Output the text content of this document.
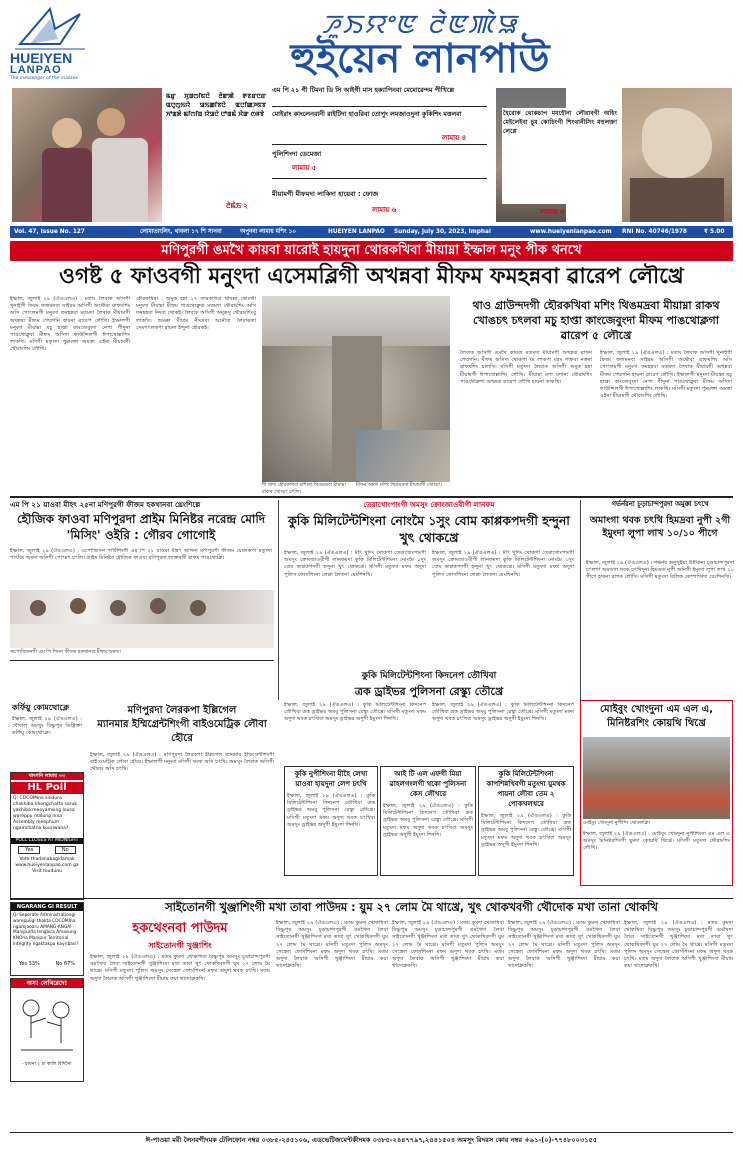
HUEIYEN
LANPAO
The messenger of the masses
ꯍꯨꯏꯌꯦꯟ ꯂꯥꯟꯄꯥꯎ
হুইয়েন লানপাউ
ꯃꯔꯨ ꯆꯨꯡꯁꯤꯟꯅꯥ ꯂꯥꯛꯄꯥ ꯒꯕꯔꯅꯔ ꯑꯅꯨꯁꯨꯏꯌꯥ ꯎꯏꯀꯤꯕꯅꯥ ꯑꯅꯤꯀꯍꯟꯕ ꯈꯣꯡꯗꯥ ꯃꯤꯁꯤꯡ ꯌꯥꯎꯅꯥ ꯅꯣꯡꯃꯥ ꯆꯥꯛ ꯁꯝꯕꯥ
ꯂꯥꯃꯥꯏ ২
এম পি ২১ গী টিমনা ডি সি আইগী মাস হক্যাপিনবা মেমোরেন্দম পীখিল্লে
মোইরাং কাংলেনবানী রাইটিদা হাওরিবা তোপুং লমজাওদুনা কুকিশিং মত্তলবা
লামায় ৪
পুলিশিংদা ডেমেজা
লামায় ৫
মীয়ামগী মীফমদা লাকিদা হায়েবা : ফোজ
লামায় ৬
হৈরোক থোকচাপ মমহৌনা লৌরাবগী অহিং মেইলেইবা চুম কোচিংগী শিংথানীসিং মহুলক্তা লেপ্লে
লামায় ৩
Vol. 47, Issue No. 127	লোমাতাংলিং, থাবলা ১৭ শি সানবা	অপুনবা লামায় মশিং ১০	HUEIYEN LANPAO Sunday, July 30, 2023, Imphal	www.hueiyenlanpao.com RNI No. 40746/1978	₹ 5.00
মণিপুরগী ঙমখৈ কায়বা য়ারোই হায়দুনা থোরকখিবা মীয়াম্না ইম্ফাল মনুং পীক থনখে
ওগষ্ট ৫ ফাওবগী মনুংদা এসেমব্লিগী অখন্নবা মীফম ফমহন্নবা ৱারেপ লৌখ্রে
ইম্ফাল, জুলাই ২৯ (ঐঙএলএ) : মতাং লৈবাক অসিগী খুনাইগী ফিবম ফজমনবা সাইরম অসিগী অথৌবা ৱাফমশিং অসি পোৎলমগী মনুংদা ফমহন্নবা মতমদা লৈবাক মীয়ামগী অখন্নবা মীফম শেম্মগনি হায়না ৱারেপ লৌখি। ইম্ফালগী মনুংদা মীয়াম্না মচু হাপ্তা কাংজেবুংদা নেপা পীদুনা পাঙথোক্লুবা মীফম অসিদা কাউন্সিলগী ঈপাখোল্লাশিং লাকখি। মসিগী মতুংদা পুম্নমক্তা অমত্তা ওইনা মীয়ামগী থৌরাংশিং লৌখি।
হৌরকখিবা : অমুক হন্না ১৭ তারকখিবা থাবল্লা থোংজী মনুংদা মীয়াম্না মীফম পাঙথোক্লুবা মতমদা থৌরাংশিং অসি ফমহন্নবা নিংবা থোকই। লৈবাক অসিগী অমুকসু থৌরাংশিংবু লাকখি। শুমক্কা মীয়াম নীংদ্রবা অনৌবা লৈবাকতা সেমগৎলকপা হায়না ইন্দুনা হৌরকই।
শী থাদা হৌরকখিবা মশিংদা থিঙমদ্রবা মীয়াম্না রাকথ খোংচৎ চৎলি।
মীফম অমদা মশিং থিঙমদ্রবা মীয়ামগী খোংচৎ।
থাও গ্রাউন্দদগী হৌরকখিবা মশিং থিঙমদ্রবা মীয়াম্না রাকথ খোঙচৎ চৎলবা মচু হাপ্তা কাংজেবুংদা মীফম পাঙথোক্লগা ৱারেপ ৫ লৌখ্রে
লৈবাক অসিগী ঙমখৈ কায়বা মতমদা মীয়ামগী অখন্নবা ৱাফম শেম্মগনি। মীফম অসিদা থোকপা মৈ লাকপা মরম শাফবা নত্তনা ৱাফমশিং চালখি। মসিগী মতুংদা লৈবাক অসিগী অমুক হন্না মীয়ামগী ঈপাখোল্লাশিং লৌখি। মীয়াম্না মশা মশানা থৌরাংশিং পাঙথোক্লগা অখন্নবা ৱারেপ লৌখি হায়না তাকখি।
ইম্ফাল, জুলাই ২৯ (ঐঙএলএ) : মতাং লৈবাক অসিগী খুনাইগী ফিবম ফজমনবা সাইরম অসিগী অথৌবা ৱাফমশিং অসি পোৎলমগী মনুংদা ফমহন্নবা মতমদা লৈবাক মীয়ামগী অখন্নবা মীফম শেম্মগনি হায়না ৱারেপ লৌখি। ইম্ফালগী মনুংদা মীয়াম্না মচু হাপ্তা কাংজেবুংদা নেপা পীদুনা পাঙথোক্লুবা মীফম অসিদা কাউন্সিলগী ঈপাখোল্লাশিং লাকখি। মসিগী মতুংদা পুম্নমক্তা অমত্তা ওইনা মীয়ামগী থৌরাংশিং লৌখি।
এম পি ২১ য়াওবা মীহৎ ২৫না মণিপুরগী ফীজম হকথানবা থ্রেংশিল্লে
হৌজিক ফাওবা মণিপুরদা প্রাইম মিনিষ্টর নরেন্দ্র মোদি 'মিসিং' ওইরি : গৌরব গোগোই
ইম্ফাল, জুলাই ২৯ (ঐঙএলএ) : ওপোজিসন পার্টিশিংগী এম পি ২১ য়াওবা মীহৎ অসিনা মণিপুরগী ফীজম য়েংলকপা মতুংদা পাৎরিং অমদা অনিগী পোৎমৎ চৎলি। প্রাইম মিনিষ্টর হৌজিক ফাওবা মণিপুরদা লাক্তবগী ৱাফম পাঙথোক্লি।
অপোজিসনগী এম পি শিংনা ফীজম হকথানবা মীফম অমদা।
তেরাখোংপাংগী অমসুং ক্রোংজাওবীগী লানফম
কুকি মিলিটেন্টশিংনা নোংমৈ ১সুং বোম কাপ্পকপদগী হন্দুনা খুৎ থোকখ্রে
ইম্ফাল, জুলাই ২৯ (ঐঙএলএ) : মীৎ খুদিং থোকপা তেরাখোংপাংগী অমসুং ক্রোংজাওবীগী লানফমদা কুকি মিলিটেন্টশিংনা নোংমৈ ১সুং বোম কাপ্পকপদগী হন্দুনা খুৎ থোকখ্রে। মসিগী মতুংদা মফম অদুদা পুলিস ফোর্সশিংনা লেপ্পা লৈতনা য়েংশিনখি।
ইম্ফাল, জুলাই ২৯ (ঐঙএলএ) : মীৎ খুদিং থোকপা তেরাখোংপাংগী অমসুং ক্রোংজাওবীগী লানফমদা কুকি মিলিটেন্টশিংনা নোংমৈ ১সুং বোম কাপ্পকপদগী হন্দুনা খুৎ থোকখ্রে। মসিগী মতুংদা মফম অদুদা পুলিস ফোর্সশিংনা লেপ্পা লৈতনা য়েংশিনখি।
গর্ভর্নরনা চূড়াচান্দপুরদা অমুক্কা চৎখে
অমাংগা থবক চৎথি হিমদ্রবা নুপী ২গী ইমুংদা লুপা লাখ ১০/১০ পীগে
ইম্ফাল, জুলাই ২৯ (ঐঙএলএ) : গর্ভর্নর অনুসুইয়া উইকিনা চূড়াচান্দপুরদা চৎলগা অমাংগা থবক চৎথিদুনা হিমদ্রবা নুপী অনিগী ইমুংদা লুপা লাখ ১০ পীগে হায়না ৱাশক লৌখি। মসিগী মতুংদা রিলিফ কেম্পশিংদা য়েংশিনখি।
কুকি মিলিটেন্টশিংনা কিদনেপ তৌখিবা
ত্রক ড্রাইভর পুলিসনা রেস্ক্যু তৌখ্রে
ইম্ফাল, জুলাই ২৯ (ঐঙএলএ) : কুকি মিলিটেন্টশিংনা কিদনেপ তৌখিবা ত্রক ড্রাইভর অমবু পুলিসনা রেস্ক্যু তৌখ্রে। মসিগী মতুংদা মফম অদুদা থবক চৎখিবা অমসুং ড্রাইভর অদুগী ইমুংদা শিনখি।
ইম্ফাল, জুলাই ২৯ (ঐঙএলএ) : কুকি মিলিটেন্টশিংনা কিদনেপ তৌখিবা ত্রক ড্রাইভর অমবু পুলিসনা রেস্ক্যু তৌখ্রে। মসিগী মতুংদা মফম অদুদা থবক চৎখিবা অমসুং ড্রাইভর অদুগী ইমুংদা শিনখি।
কর্ফিয়ু কোমথোক্লে
ইম্ফাল, জুলাই ২৯ (ঐঙএলএ) : থৌবাল অমসুং বিষ্ণুপুর ডিষ্ট্রিক্তা কর্ফিয়ু কোমথোক্লে।
মণিপুরদা লৈরকপা ইল্লিগেল
ম্যানমার ইম্মিগ্রেন্টশিংগী বাইওমেট্রিক লৌবা হৌরে
ইম্ফাল, জুলাই ২৯ (ঐঙএলএ) : মণিপুরদা লৈরকপা ইল্লিগেল ম্যানমার ইম্মিগ্রেন্টশিংগী বাইওমেট্রিক লৌবা হৌরে। ইম্ফালগী মনুংদা মসিগী থবক অসি চৎখি। অমসুং লৈবাক অসিগী থৌরাং অসি চৎখি।
থাংগনি লামায় ৩৩
HL Poll
Q: COCOMIna sindura chakhiba khongchatta saruk yakhiba meeyamsing lousa wareppu malung inna Assembly meephum ngamchatna kouriwana?
POLL CLOSES AT MIDNIGHT
Yes	No
Vote thadanabagidamak www.hueiyenlanpao.com ga Visit toudunu
NGARANG GI RESULT
Q: Seperate Administrationgi wareppugi thakta COCOMIna ngamjaoaru AMANG-ANGAI Manipurda lengbira Amasung KNOna Manipur Territorial Integrity ngaktakpa hayribasi?
Yes 33%	No 67%
অস! লেখিরেদে!
- হায়না ২ চা কালি বিদিনৈ!
কুকি নুপীশিংনা মীহৈ লেখা য়াওবা হায়দুনা লেপ চৎখি
ইম্ফাল, জুলাই ২৯ (ঐঙএলএ) : কুকি মিলিটেন্টশিংনা কিদনেপ তৌখিবা ত্রক ড্রাইভর অমবু পুলিসনা রেস্ক্যু তৌখ্রে। মসিগী মতুংদা মফম অদুদা থবক চৎখিবা অমসুং ড্রাইভর অদুগী ইমুংদা শিনখি।
আই টি এল এফগী মিয়া ৱাহলগংলগী থকো পুলিসনা কেস লৌখরে
ইম্ফাল, জুলাই ২৯ (ঐঙএলএ) : কুকি মিলিটেন্টশিংনা কিদনেপ তৌখিবা ত্রক ড্রাইভর অমবু পুলিসনা রেস্ক্যু তৌখ্রে। মসিগী মতুংদা মফম অদুদা থবক চৎখিবা অমসুং ড্রাইভর অদুগী ইমুংদা শিনখি।
কুকি মিলিটেন্টশিংনা কাপশিন্নখিবগী মতুংদা য়ুমথক পায়না লৌবা তেম ২ পোকখলখরে
ইম্ফাল, জুলাই ২৯ (ঐঙএলএ) : কুকি মিলিটেন্টশিংনা কিদনেপ তৌখিবা ত্রক ড্রাইভর অমবু পুলিসনা রেস্ক্যু তৌখ্রে। মসিগী মতুংদা মফম অদুদা থবক চৎখিবা অমসুং ড্রাইভর অদুগী ইমুংদা শিনখি।
মোইবুং খোংদুনা এম এল এ, মিনিষ্টরশিং কোয়থি থিখ্রে
মোইবুং খোংদুনা নুপীশিং থোকলক্লি।
ইম্ফাল, জুলাই ২৯ (ঐঙএলএ) : মোইবুং খোংদুনা নুপীশিংনা এম এল এ অমসুং মিনিষ্টরশিংগী য়ুমদা কোয়থি থিখ্রে। মসিগী মতুংদা থৌরাংশিং লৌখি।
সাইতোনগী খুঞ্জাশিংগী মখা তাবা পাউদম : য়ুম ২৭ লোম মৈ থাখ্রে, খুৎ থোকখবগী থৌদোক মখা তানা থোকখি
হকথেংনবা পাউদম
সাইতোনগী খুঞ্জাশিং
ইম্ফাল, জুলাই ২৯ (ঐঙএলএ) : মতম কুমদা থোকখিবা বিষ্ণুপুর অমসুং চূড়াচান্দপুরগী ঙমখৈদা লৈবা সাইতোনগী খুঞ্জাশিংদা মখা তাবা খুৎ থোকখিবদগী য়ুম ২৭ লোম মৈ থাখ্রে। মসিগী মতুংদা পুলিস অমসুং সেন্ত্রেল ফোর্সশিংনা মফম অদুদা থবক চৎখি। মতম অদুদা লৈবাক অসিগী খুঞ্জাশিংদা মীয়াম কয়া থাদোক্লকখি।
ইম্ফাল, জুলাই ২৯ (ঐঙএলএ) : মতম কুমদা থোকখিবা বিষ্ণুপুর অমসুং চূড়াচান্দপুরগী ঙমখৈদা লৈবা সাইতোনগী খুঞ্জাশিংদা মখা তাবা খুৎ থোকখিবদগী য়ুম ২৭ লোম মৈ থাখ্রে। মসিগী মতুংদা পুলিস অমসুং সেন্ত্রেল ফোর্সশিংনা মফম অদুদা থবক চৎখি। মতম অদুদা লৈবাক অসিগী খুঞ্জাশিংদা মীয়াম কয়া থাদোক্লকখি।
ইম্ফাল, জুলাই ২৯ (ঐঙএলএ) : মতম কুমদা থোকখিবা বিষ্ণুপুর অমসুং চূড়াচান্দপুরগী ঙমখৈদা লৈবা সাইতোনগী খুঞ্জাশিংদা মখা তাবা খুৎ থোকখিবদগী য়ুম ২৭ লোম মৈ থাখ্রে। মসিগী মতুংদা পুলিস অমসুং সেন্ত্রেল ফোর্সশিংনা মফম অদুদা থবক চৎখি। মতম অদুদা লৈবাক অসিগী খুঞ্জাশিংদা মীয়াম কয়া থাদোক্লকখি।
ইম্ফাল, জুলাই ২৯ (ঐঙএলএ) : মতম কুমদা থোকখিবা বিষ্ণুপুর অমসুং চূড়াচান্দপুরগী ঙমখৈদা লৈবা সাইতোনগী খুঞ্জাশিংদা মখা তাবা খুৎ থোকখিবদগী য়ুম ২৭ লোম মৈ থাখ্রে। মসিগী মতুংদা পুলিস অমসুং সেন্ত্রেল ফোর্সশিংনা মফম অদুদা থবক চৎখি। মতম অদুদা লৈবাক অসিগী খুঞ্জাশিংদা মীয়াম কয়া থাদোক্লকখি।
ইম্ফাল, জুলাই ২৯ (ঐঙএলএ) : মতম কুমদা থোকখিবা বিষ্ণুপুর অমসুং চূড়াচান্দপুরগী ঙমখৈদা লৈবা সাইতোনগী খুঞ্জাশিংদা মখা তাবা খুৎ থোকখিবদগী য়ুম ২৭ লোম মৈ থাখ্রে। মসিগী মতুংদা পুলিস অমসুং সেন্ত্রেল ফোর্সশিংনা মফম অদুদা থবক চৎখি। মতম অদুদা লৈবাক অসিগী খুঞ্জাশিংদা মীয়াম কয়া থাদোক্লকখি।
ঈ-পাওয়া মরী লৈনবগীদমক টেলিফোন নম্বর ০৩৮৫-২৪৫১০৬, এডভেটিজমেন্টকীদমক ০৩৮৫-২৪৪৭৭৯৭,২৪৪১৫০৪ অমসুং রিদরস কোর নম্বর +৯১-(০)-৭৭৪৮০০৩১৫৫
